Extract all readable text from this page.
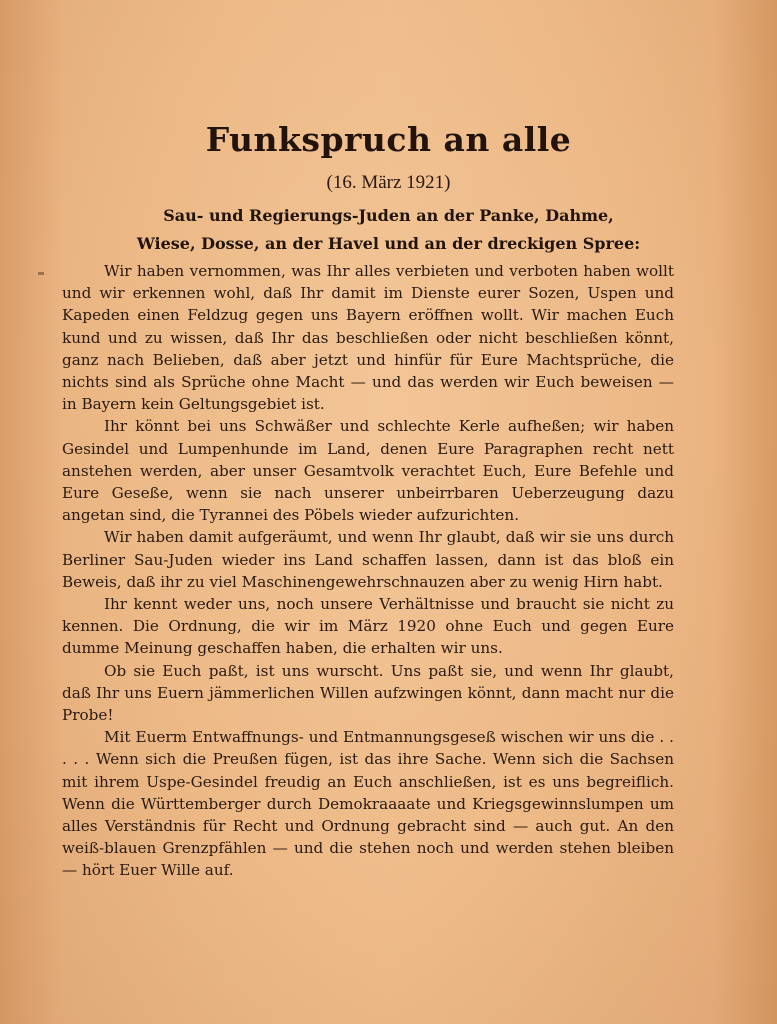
Funkspruch an alle
(16. März 1921)
Sau- und Regierungs-Juden an der Panke, Dahme,
Wiese, Dosse, an der Havel und an der dreckigen Spree:

Wir haben vernommen, was Ihr alles verbieten und verboten haben wollt und wir erkennen wohl, daß Ihr damit im Dienste eurer Sozen, Uspen und Kapeden einen Feldzug gegen uns Bayern eröffnen wollt. Wir machen Euch kund und zu wissen, daß Ihr das beschließen oder nicht beschließen könnt, ganz nach Belieben, daß aber jetzt und hinfür für Eure Machtsprüche, die nichts sind als Sprüche ohne Macht — und das werden wir Euch beweisen — in Bayern kein Geltungsgebiet ist.

Ihr könnt bei uns Schwäßer und schlechte Kerle aufheßen; wir haben Gesindel und Lumpenhunde im Land, denen Eure Paragraphen recht nett anstehen werden, aber unser Gesamtvolk verachtet Euch, Eure Befehle und Eure Geseße, wenn sie nach unserer unbeirrbaren Ueberzeugung dazu angetan sind, die Tyrannei des Pöbels wieder aufzurichten.

Wir haben damit aufgeräumt, und wenn Ihr glaubt, daß wir sie uns durch Berliner Sau-Juden wieder ins Land schaffen lassen, dann ist das bloß ein Beweis, daß ihr zu viel Maschinengewehrschnauzen aber zu wenig Hirn habt.

Ihr kennt weder uns, noch unsere Verhältnisse und braucht sie nicht zu kennen. Die Ordnung, die wir im März 1920 ohne Euch und gegen Eure dumme Meinung geschaffen haben, die erhalten wir uns.

Ob sie Euch paßt, ist uns wurscht. Uns paßt sie, und wenn Ihr glaubt, daß Ihr uns Euern jämmerlichen Willen aufzwingen könnt, dann macht nur die Probe!

Mit Euerm Entwaffnungs- und Entmannungsgeseß wischen wir uns die . . . . . Wenn sich die Preußen fügen, ist das ihre Sache. Wenn sich die Sachsen mit ihrem Uspe-Gesindel freudig an Euch anschließen, ist es uns begreiflich. Wenn die Württemberger durch Demokraaaate und Kriegsgewinnslumpen um alles Verständnis für Recht und Ordnung gebracht sind — auch gut. An den weiß-blauen Grenzpfählen — und die stehen noch und werden stehen bleiben — hört Euer Wille auf.
